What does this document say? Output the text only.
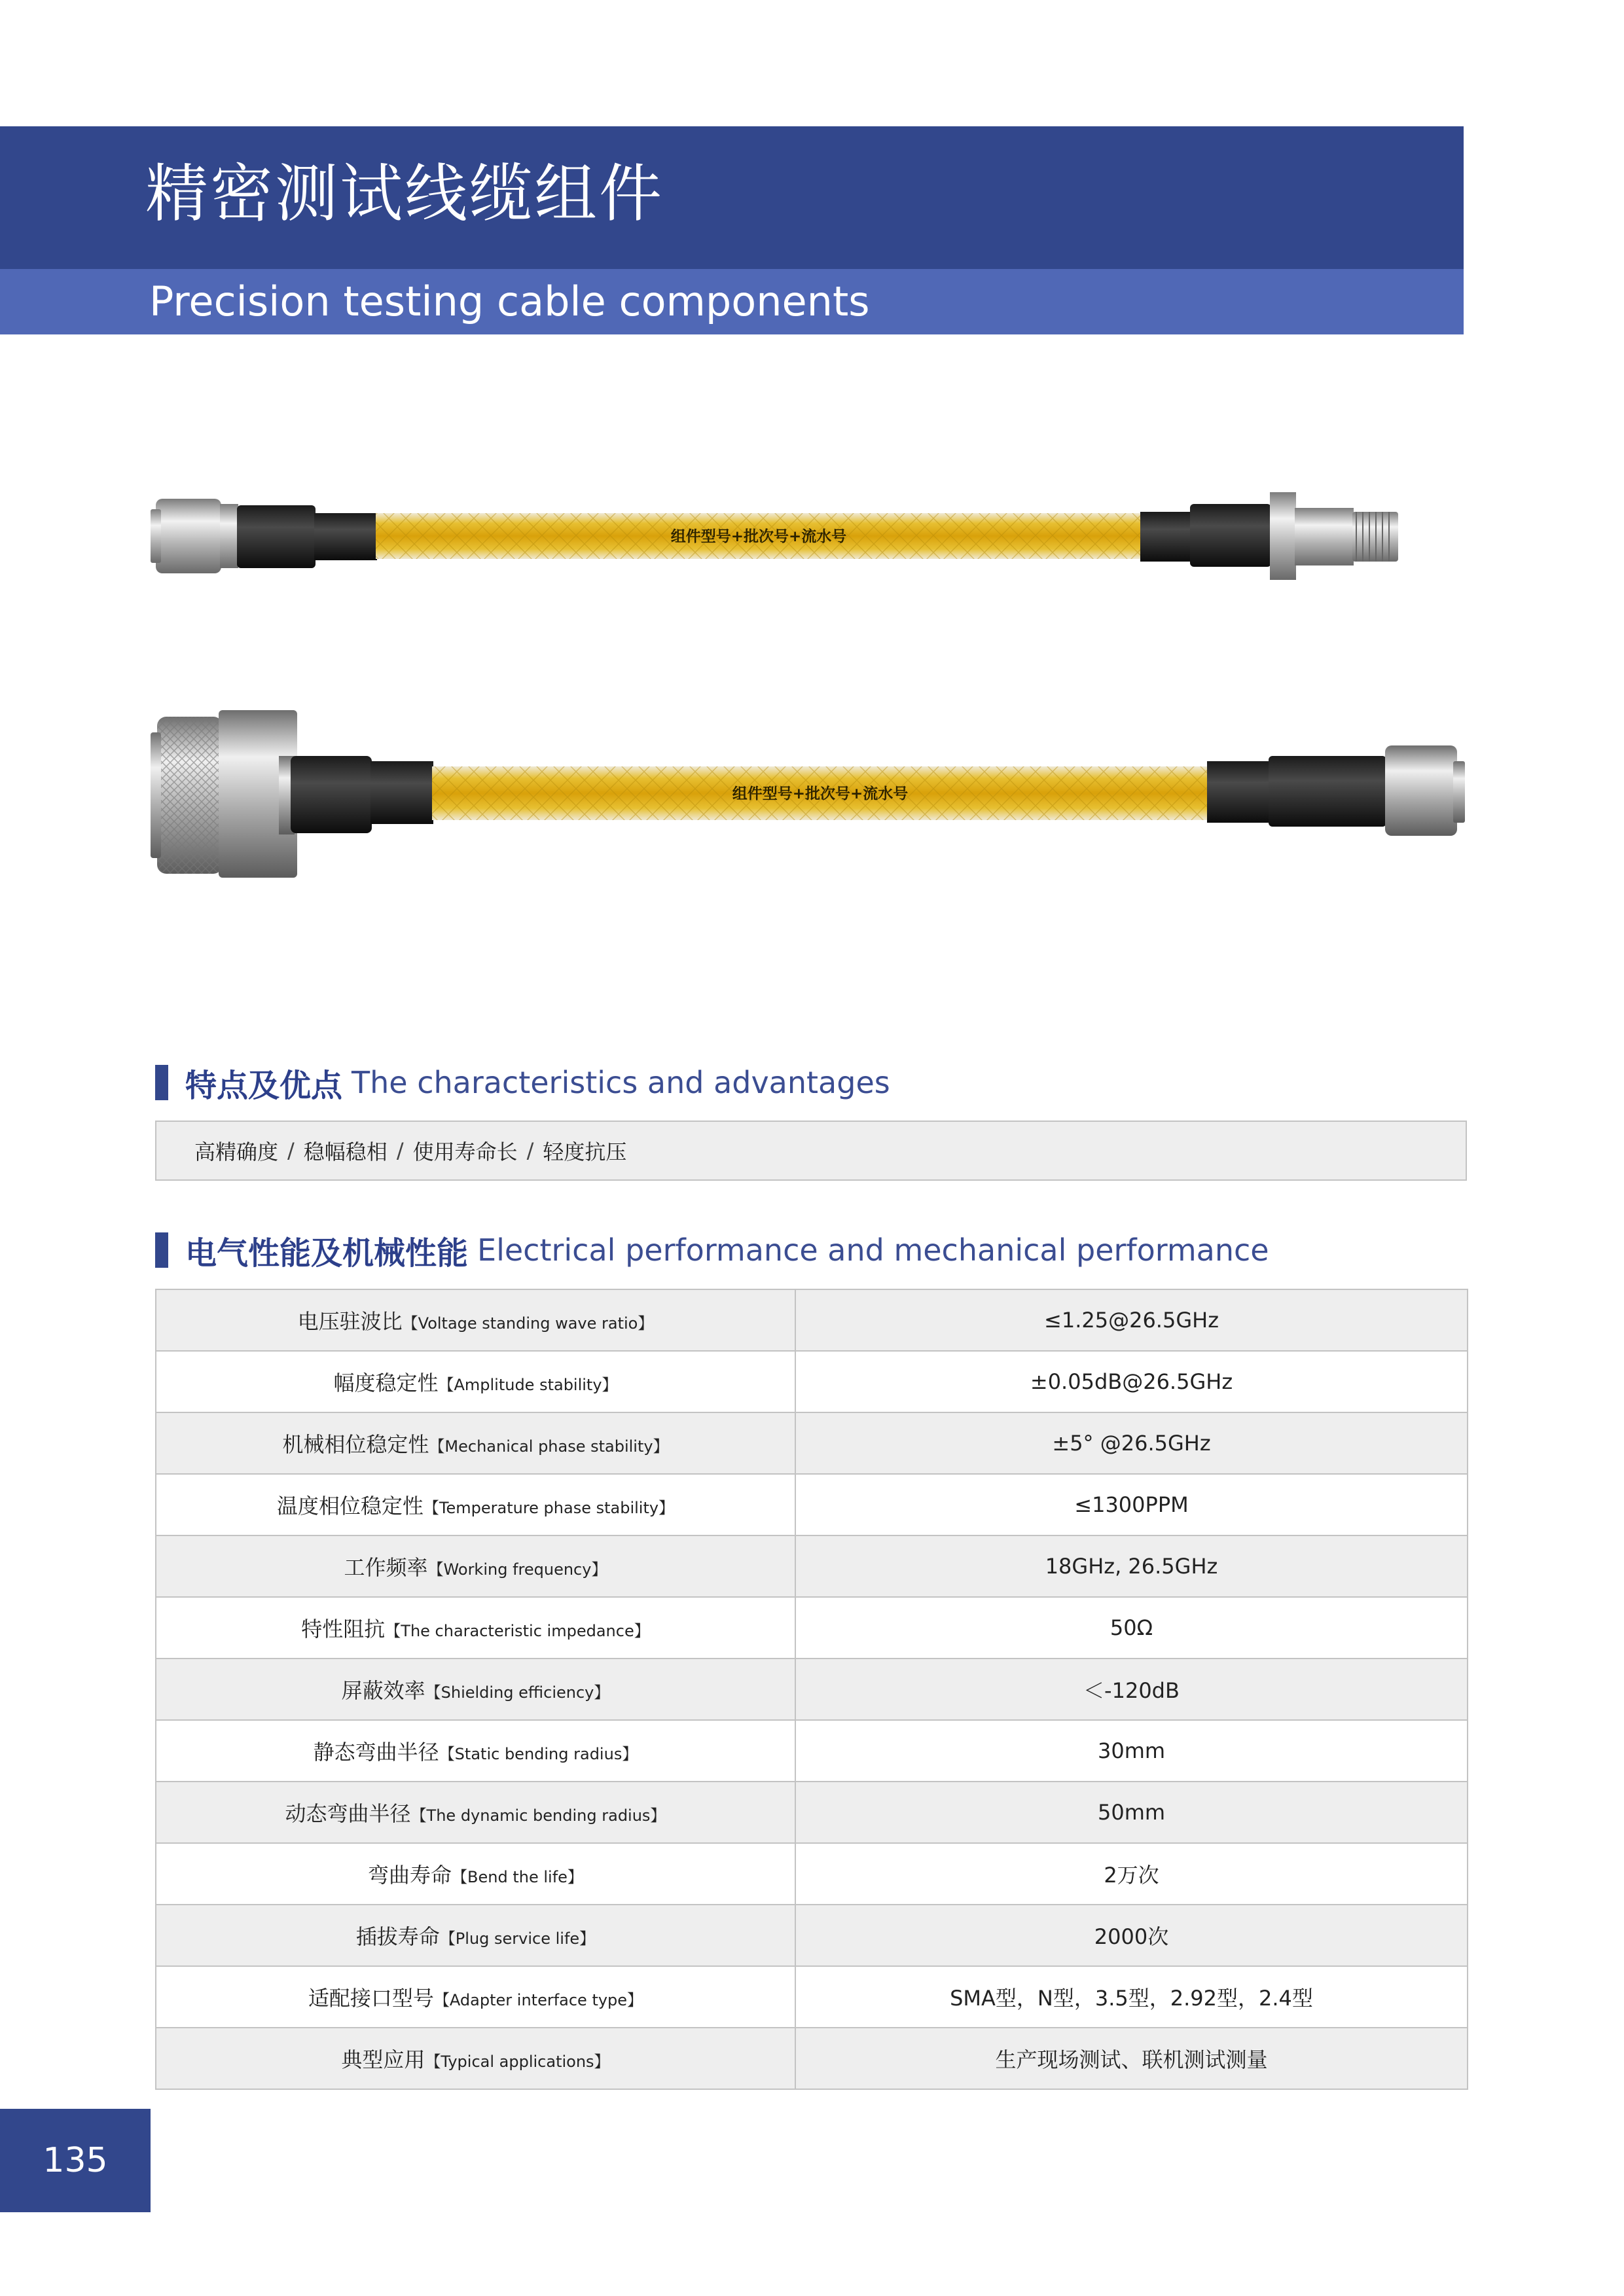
精密测试线缆组件
Precision testing cable components
组件型号+批次号+流水号
组件型号+批次号+流水号
特点及优点 The characteristics and advantages
高精确度 / 稳幅稳相 / 使用寿命长 / 轻度抗压
电气性能及机械性能 Electrical performance and mechanical performance
电压驻波比【Voltage standing wave ratio】	≤1.25@26.5GHz
幅度稳定性【Amplitude stability】	±0.05dB@26.5GHz
机械相位稳定性【Mechanical phase stability】	±5° @26.5GHz
温度相位稳定性【Temperature phase stability】	≤1300PPM
工作频率【Working frequency】	18GHz, 26.5GHz
特性阻抗【The characteristic impedance】	50Ω
屏蔽效率【Shielding efficiency】	＜-120dB
静态弯曲半径【Static bending radius】	30mm
动态弯曲半径【The dynamic bending radius】	50mm
弯曲寿命【Bend the life】	2万次
插拔寿命【Plug service life】	2000次
适配接口型号【Adapter interface type】	SMA型，N型，3.5型，2.92型，2.4型
典型应用【Typical applications】	生产现场测试、联机测试测量
135
